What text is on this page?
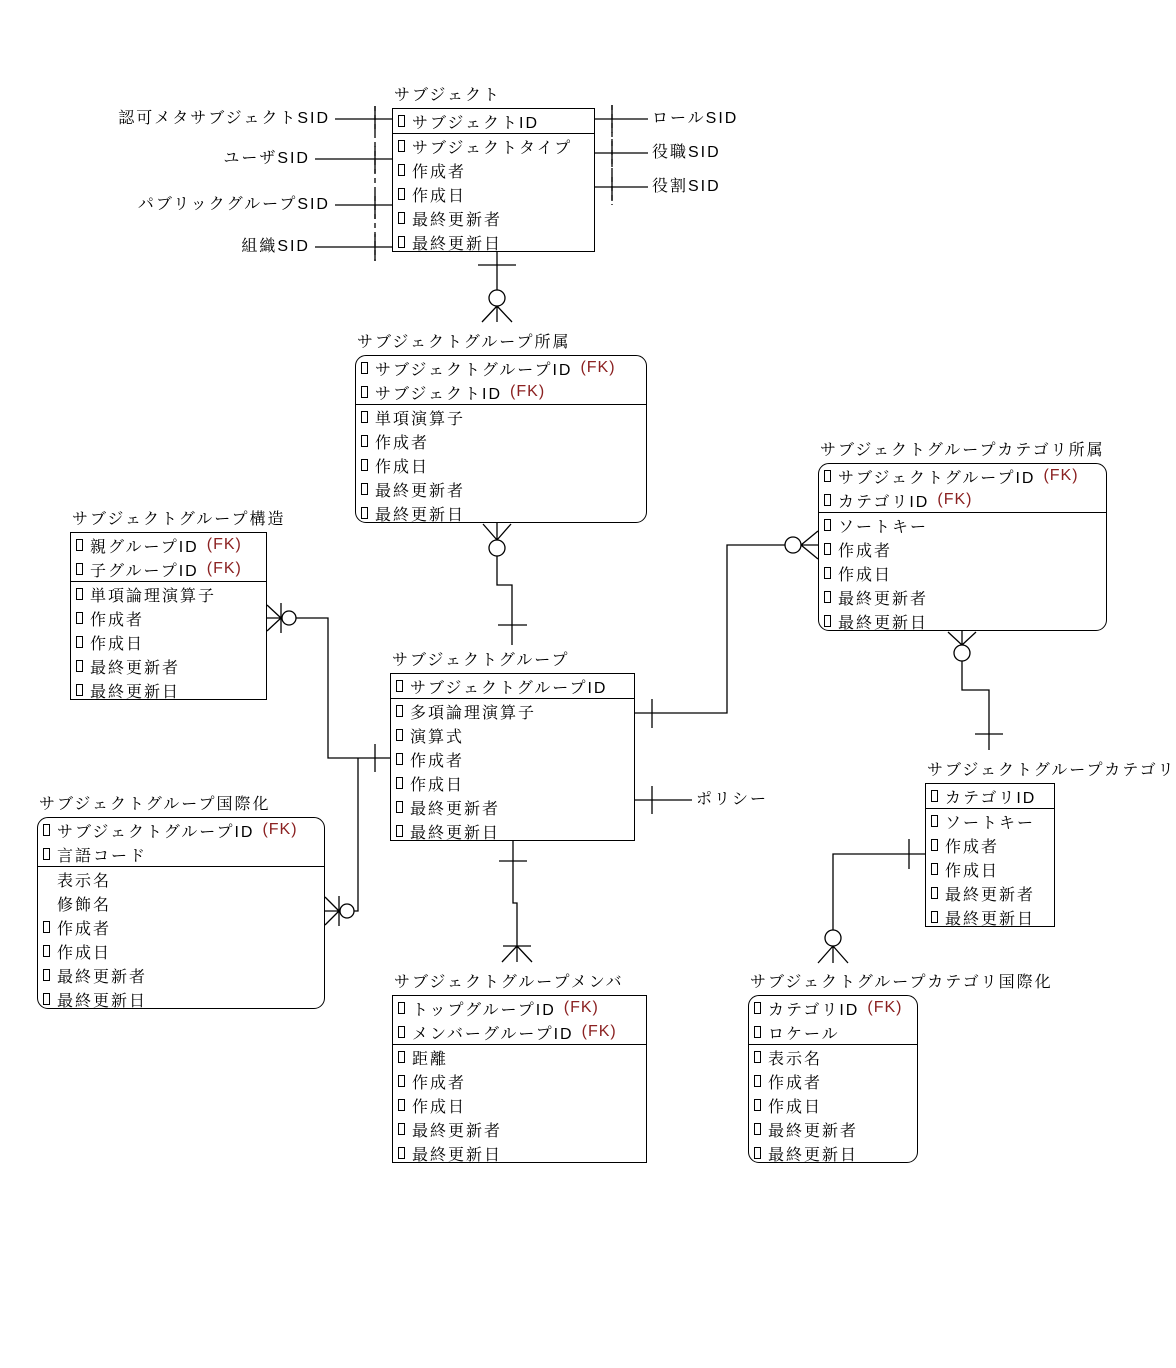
サブジェクト
サブジェクトID
サブジェクトタイプ
作成者
作成日
最終更新者
最終更新日
サブジェクトグループ所属
サブジェクトグループID (FK)
サブジェクトID (FK)
単項演算子
作成者
作成日
最終更新者
最終更新日
サブジェクトグループカテゴリ所属
サブジェクトグループID (FK)
カテゴリID (FK)
ソートキー
作成者
作成日
最終更新者
最終更新日
サブジェクトグループ構造
親グループID (FK)
子グループID (FK)
単項論理演算子
作成者
作成日
最終更新者
最終更新日
サブジェクトグループ
サブジェクトグループID
多項論理演算子
演算式
作成者
作成日
最終更新者
最終更新日
サブジェクトグループ国際化
サブジェクトグループID (FK)
言語コード
表示名
修飾名
作成者
作成日
最終更新者
最終更新日
サブジェクトグループカテゴリ
カテゴリID
ソートキー
作成者
作成日
最終更新者
最終更新日
サブジェクトグループメンバ
トップグループID (FK)
メンバーグループID (FK)
距離
作成者
作成日
最終更新者
最終更新日
サブジェクトグループカテゴリ国際化
カテゴリID (FK)
ロケール
表示名
作成者
作成日
最終更新者
最終更新日
認可メタサブジェクトSID
ユーザSID
パブリックグループSID
組織SID
ロールSID
役職SID
役割SID
ポリシー
